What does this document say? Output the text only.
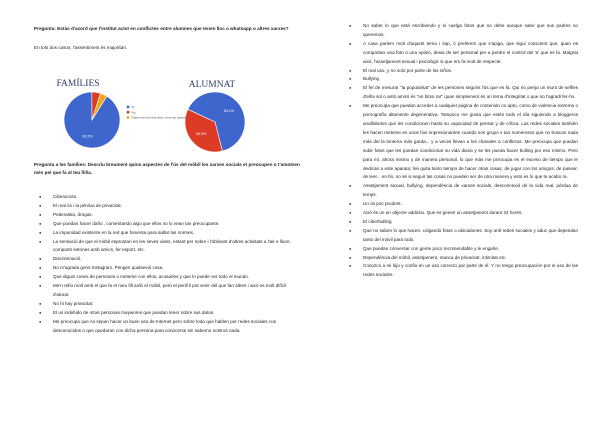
Pregunta: Estàs d'acord que l'institut actuï en conflictes entre alumnes que tenen lloc a whatsapp o altres xarxes?

En tots dos casos, l'assentiment és majoritari.

FAMÍLIES	ALUMNAT
93,5%
64,1%
35,9%
Sí
No
Depèn (si són fets dins o fora de classe)

Pregunta a les famílies: Descriu breument quins aspectes de l'ús del mòbil les xarxes socials et preocupen o t'amoïnen més pel que fa al teu fill/a.

● Ciberacoso.
● El mal ús i la pèrdua de privacitat.
● Pederastia, drogas.
● Que puedan hacer daño , comentando algo que ellos no lo vean tan preocupante.
● La impunidad existente en la red que fomenta para saltar las normes.
● La sensació de que el mòbil esprontari en les seves vides, estant per sobre i l'oblivant d'altres activitats a l'air e lliure, compartir estones amb amics, fer esport, etc.
● Discriminació.
● No m'agrada gens Instagram. Pengen qualsevol cosa.
● Que diguin coses de persones o meterse con ellos, acosarles y que lo puede ver todo el mundo.
● Me'n refio molt amb el que fa el meu fill amb el mòbil, però el perill li pot venir del que fan altres i això es molt difícil d'aturar.
● No hi hay privacitat.
● El us indebido de otras personas maywores que puedan tener sobre sus datos.
● Me preocupa que no sepan hacer un buen uso de Internet pero sobre todo que hablen por redes sociales con desconocidos o que quedaran con dicha persona para conocerse sin saberno nostros nada.
● No saber lo que està escribiendo y si cuelga fotos que no debe aunque sabe que sus padres no queremos.
● A casa parlem molt d'aquest tema i sap, ó preferem que s'apiga, que sigui conscient que, quan es comparteix una foto o una opinió, deixa de ser personal per a perdre el control del 'a' que es fa. Malgrat això, l'assetjament sexual i psicològic si que em fa molt de respecte.
● El mal uso, y no solo por parte de los niños.
● Bullying
● El fet de mesurar "la popularitat" de les persones segons l'ús que es fa. Qui no penja un munt de selfies d'ell/a sol o amb amics és "un bitxo rar" quan simplement és un tema d'integritat o que no t'agradi fer-ho.
● Me preocupa que puedan acceder a cualquier página de contenido no apto, como de violencia extrema o pornografía altamente degenerativa. Tampoco me gusta que estén todo el día siguiendo a bloggeros analfabetos que les condicionen hasta su capacidad de pensar y de crítica. Las redes sociales también les hacen meterse en unos líos impresionantes cuando son grupo s tan numerosos que no buscan nada más del la tontería más garda... y a veces llevan a los chavales a conflictos. Me preocupa que puedan subir fotos que les puedan condicionar su vida diaria y se les pueda hacer bulling por eso mismo. Pero para mí, ahora mismo y de manera personal, lo que más me preocupa es el exceso de tiempo que le dedican a este aparato; les quita tanto tiempo de hacer otras cosas, de jugar con los amigos, de pasear, de leer... en fin, no sé si seguir las cosas no pueden ser de otra manera y esto es lo que te acabo ra.
● Assetjament sexual, bullying, dependència de xarxes socials, desconnexió de la vida real, pèrdua de temps.
● Un ús poc prudent.
● Això és un un objecte addictiu. Que es generi un assetjament durant 24 hores.
● El ciberbulling
● Que no saben lo que hacen, colgando fotos o ubicadones. Soy antí redes sociales y aduc que dependan tanto del móvil para todo.
● Que puedan conversar con gente poco recomendable y le engañe.
● Dependència del mòbil, assetjament, manca de privacitat, intimitat etc.
● Conozco a mi hijo y confio en un uso correcto por parte de él. Y no tengo preocupación por el uso de las redes sociales.
